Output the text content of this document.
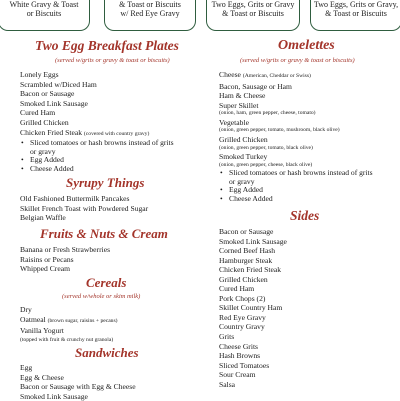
White Gravy & Toast
or Biscuits
& Toast or Biscuits
w/ Red Eye Gravy
Two Eggs, Grits or Gravy
& Toast or Biscuits
Two Eggs, Grits or Gravy,
& Toast or Biscuits
Two Egg Breakfast Plates
(served w/grits or gravy & toast or biscuits)
Lonely Eggs
Scrambled w/Diced Ham
Bacon or Sausage
Smoked Link Sausage
Cured Ham
Grilled Chicken
Chicken Fried Steak (covered with country gravy)
• Sliced tomatoes or hash browns instead of grits or gravy
• Egg Added
• Cheese Added
Syrupy Things
Old Fashioned Buttermilk Pancakes
Skillet French Toast with Powdered Sugar
Belgian Waffle
Fruits & Nuts & Cream
Banana or Fresh Strawberries
Raisins or Pecans
Whipped Cream
Cereals
(served w/whole or skim milk)
Dry
Oatmeal (brown sugar, raisins + pecans)
Vanilla Yogurt
(topped with fruit & crunchy nut granola)
Sandwiches
Egg
Egg & Cheese
Bacon or Sausage with Egg & Cheese
Smoked Link Sausage
Omelettes
(served w/grits or gravy & toast or biscuits)
Cheese (American, Cheddar or Swiss)
Bacon, Sausage or Ham
Ham & Cheese
Super Skillet
(onion, ham, green pepper, cheese, tomato)
Vegetable
(onion, green pepper, tomato, mushroom, black olive)
Grilled Chicken
(onion, green pepper, tomato, black olive)
Smoked Turkey
(onion, green pepper, cheese, black olive)
• Sliced tomatoes or hash browns instead of grits or gravy
• Egg Added
• Cheese Added
Sides
Bacon or Sausage
Smoked Link Sausage
Corned Beef Hash
Hamburger Steak
Chicken Fried Steak
Grilled Chicken
Cured Ham
Pork Chops (2)
Skillet Country Ham
Red Eye Gravy
Country Gravy
Grits
Cheese Grits
Hash Browns
Sliced Tomatoes
Sour Cream
Salsa
